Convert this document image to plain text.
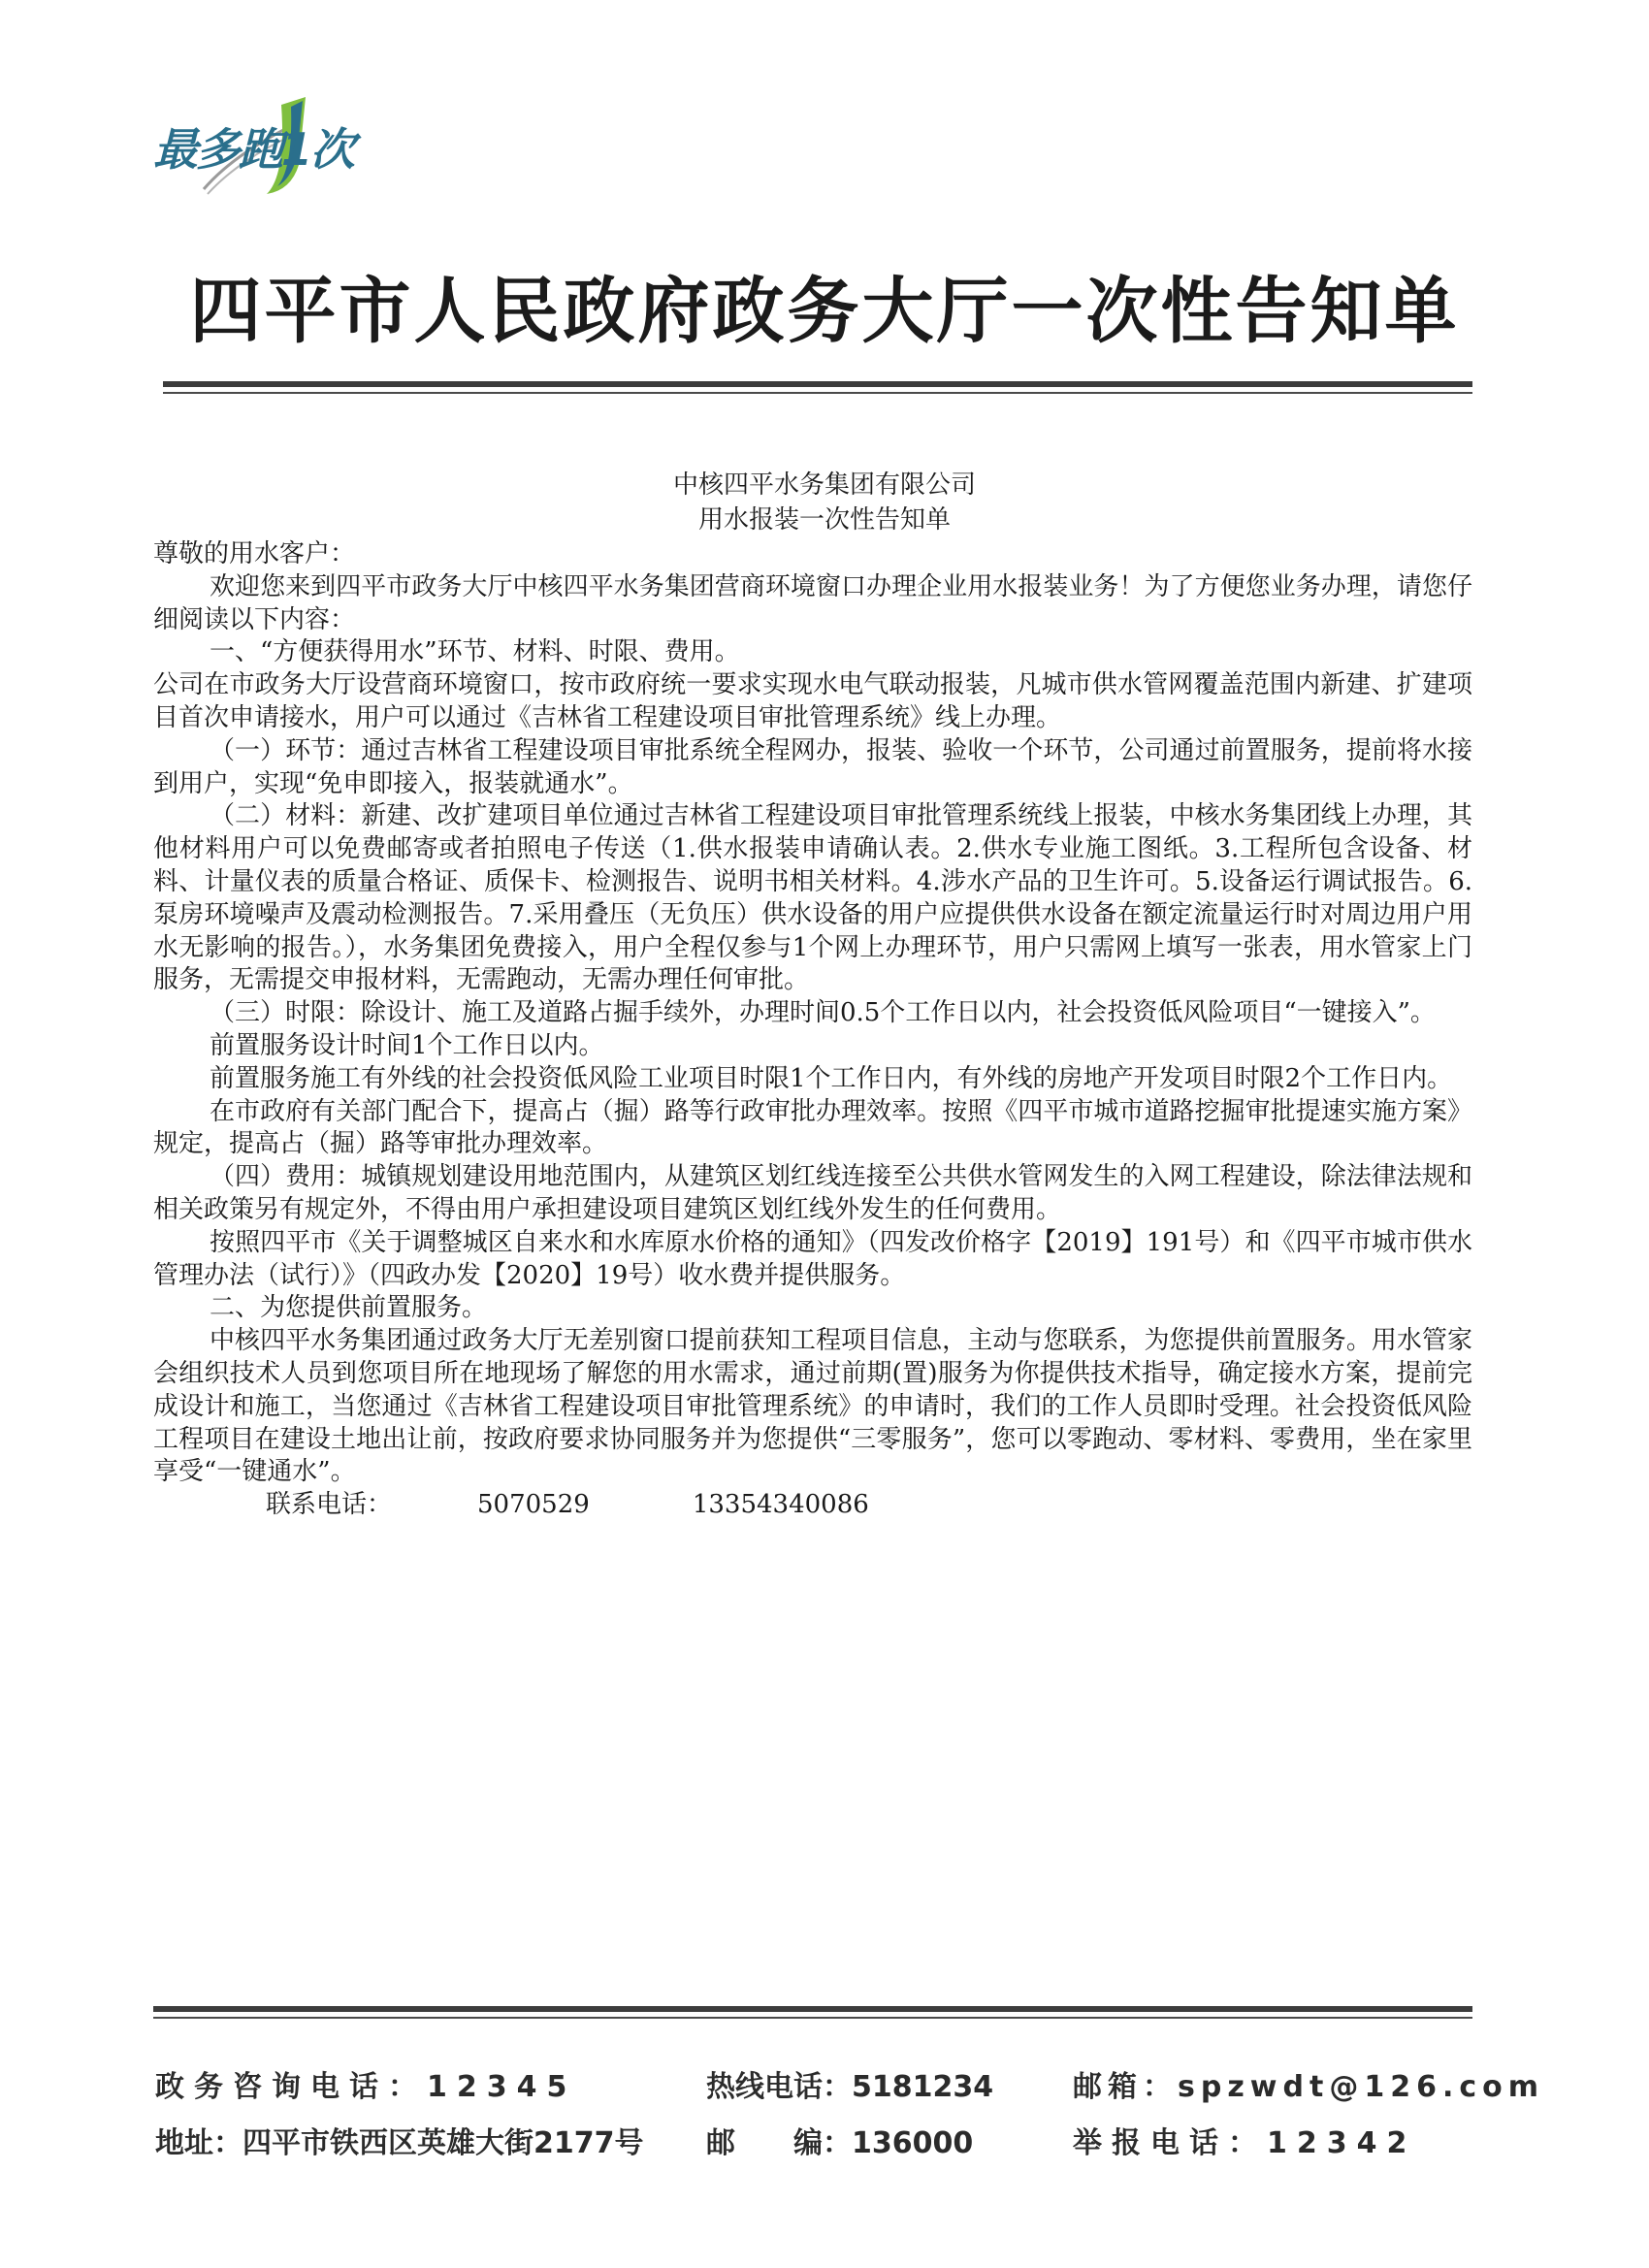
最多跑1次
四平市人民政府政务大厅一次性告知单
中核四平水务集团有限公司
用水报装一次性告知单

尊敬的用水客户：

欢迎您来到四平市政务大厅中核四平水务集团营商环境窗口办理企业用水报装业务！为了方便您业务办理，请您仔细阅读以下内容：

一、“方便获得用水”环节、材料、时限、费用。

公司在市政务大厅设营商环境窗口，按市政府统一要求实现水电气联动报装，凡城市供水管网覆盖范围内新建、扩建项目首次申请接水，用户可以通过《吉林省工程建设项目审批管理系统》线上办理。

（一）环节：通过吉林省工程建设项目审批系统全程网办，报装、验收一个环节，公司通过前置服务，提前将水接到用户，实现“免申即接入，报装就通水”。

（二）材料：新建、改扩建项目单位通过吉林省工程建设项目审批管理系统线上报装，中核水务集团线上办理，其他材料用户可以免费邮寄或者拍照电子传送（1.供水报装申请确认表。2.供水专业施工图纸。3.工程所包含设备、材料、计量仪表的质量合格证、质保卡、检测报告、说明书相关材料。4.涉水产品的卫生许可。5.设备运行调试报告。6.泵房环境噪声及震动检测报告。7.采用叠压（无负压）供水设备的用户应提供供水设备在额定流量运行时对周边用户用水无影响的报告。），水务集团免费接入，用户全程仅参与1个网上办理环节，用户只需网上填写一张表，用水管家上门服务，无需提交申报材料，无需跑动，无需办理任何审批。

（三）时限：除设计、施工及道路占掘手续外，办理时间0.5个工作日以内，社会投资低风险项目“一键接入”。

前置服务设计时间1个工作日以内。

前置服务施工有外线的社会投资低风险工业项目时限1个工作日内，有外线的房地产开发项目时限2个工作日内。

在市政府有关部门配合下，提高占（掘）路等行政审批办理效率。按照《四平市城市道路挖掘审批提速实施方案》规定，提高占（掘）路等审批办理效率。

（四）费用：城镇规划建设用地范围内，从建筑区划红线连接至公共供水管网发生的入网工程建设，除法律法规和相关政策另有规定外，不得由用户承担建设项目建筑区划红线外发生的任何费用。

按照四平市《关于调整城区自来水和水库原水价格的通知》（四发改价格字【2019】191号）和《四平市城市供水管理办法（试行）》（四政办发【2020】19号）收水费并提供服务。

二、为您提供前置服务。

中核四平水务集团通过政务大厅无差别窗口提前获知工程项目信息，主动与您联系，为您提供前置服务。用水管家会组织技术人员到您项目所在地现场了解您的用水需求，通过前期(置)服务为你提供技术指导，确定接水方案，提前完成设计和施工，当您通过《吉林省工程建设项目审批管理系统》的申请时，我们的工作人员即时受理。社会投资低风险工程项目在建设土地出让前，按政府要求协同服务并为您提供“三零服务”，您可以零跑动、零材料、零费用，坐在家里享受“一键通水”。

联系电话：	5070529	13354340086

政务咨询电话：12345	热线电话：5181234	邮箱：spzwdt@126.com
地址：四平市铁西区英雄大街2177号 邮　　编：136000	举报电话：12342
